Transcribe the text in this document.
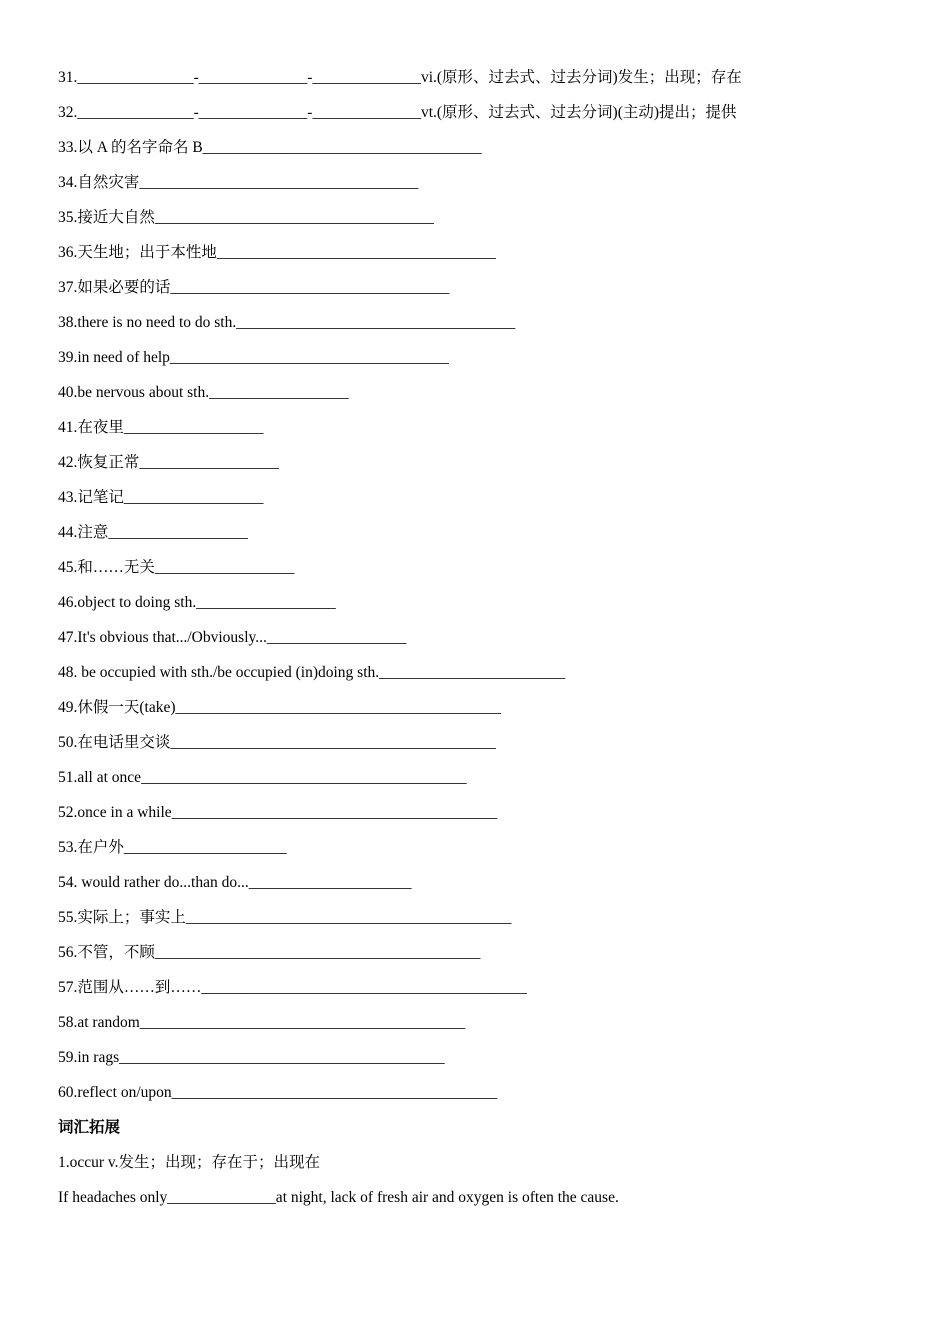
31._______________-______________-______________vi.(原形、过去式、过去分词)发生；出现；存在
32._______________-______________-______________vt.(原形、过去式、过去分词)(主动)提出；提供
33.以 A 的名字命名 B____________________________________
34.自然灾害____________________________________
35.接近大自然____________________________________
36.天生地；出于本性地____________________________________
37.如果必要的话____________________________________
38.there is no need to do sth.____________________________________
39.in need of help____________________________________
40.be nervous about sth.__________________
41.在夜里__________________
42.恢复正常__________________
43.记笔记__________________
44.注意__________________
45.和……无关__________________
46.object to doing sth.__________________
47.It's obvious that.../Obviously...__________________
48. be occupied with sth./be occupied (in)doing sth.________________________
49.休假一天(take)__________________________________________
50.在电话里交谈__________________________________________
51.all at once__________________________________________
52.once in a while__________________________________________
53.在户外_____________________
54. would rather do...than do..._____________________
55.实际上；事实上__________________________________________
56.不管，不顾__________________________________________
57.范围从……到……__________________________________________
58.at random__________________________________________
59.in rags__________________________________________
60.reflect on/upon__________________________________________
词汇拓展
1.occur v.发生；出现；存在于；出现在
If headaches only______________at night, lack of fresh air and oxygen is often the cause.
